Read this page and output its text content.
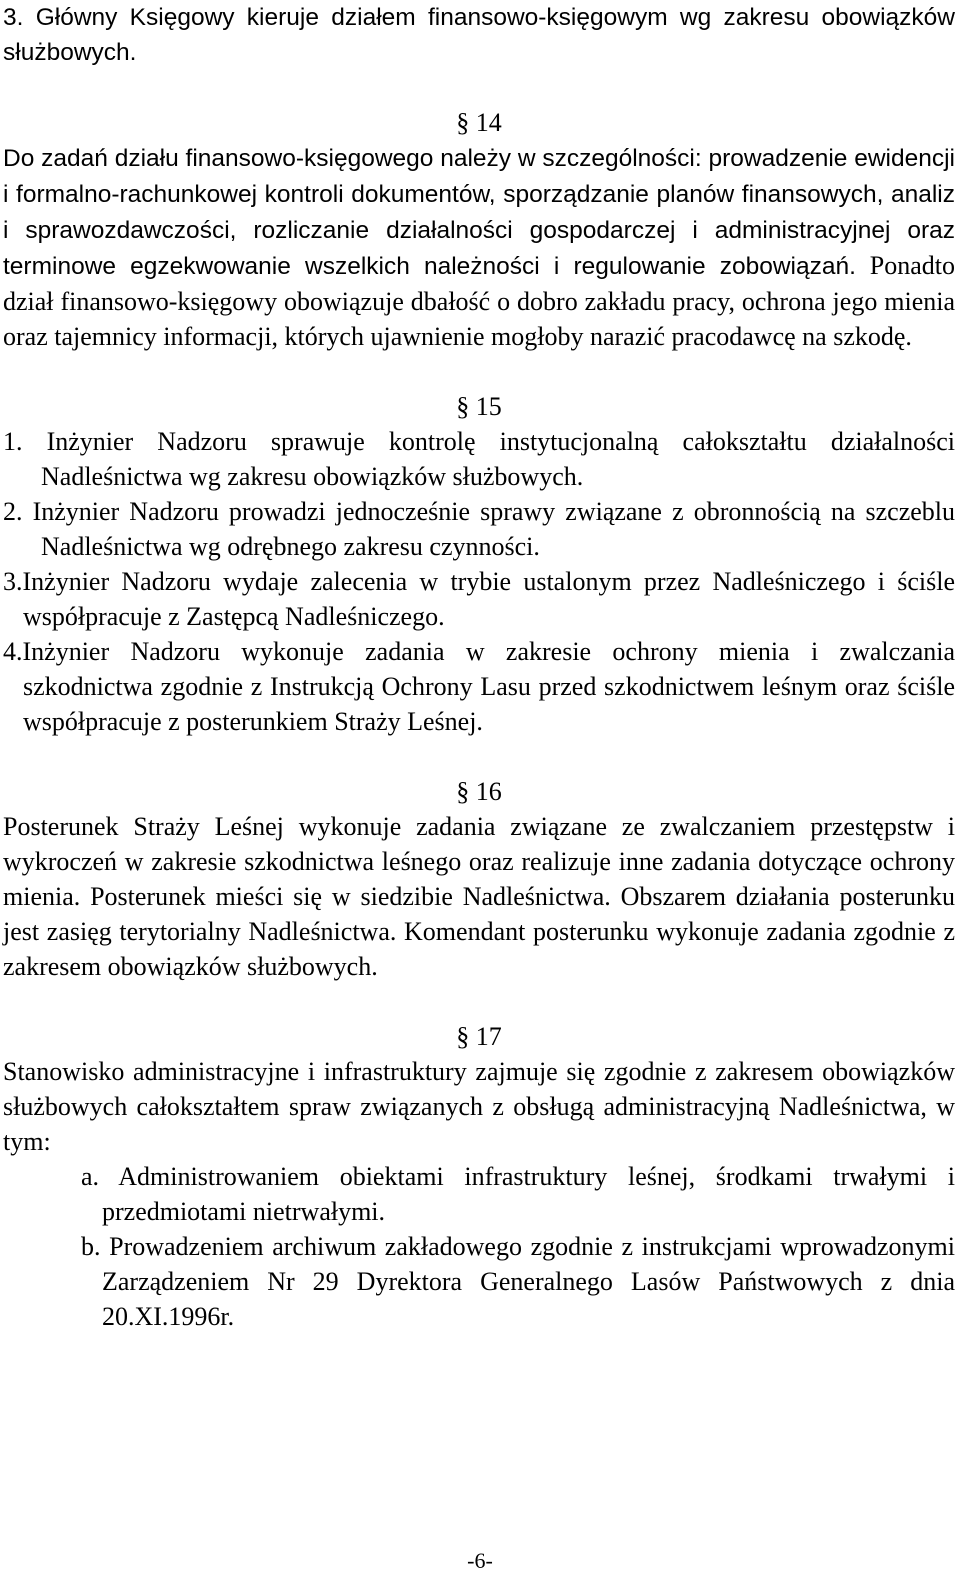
3. Główny Księgowy kieruje działem finansowo-księgowym wg zakresu obowiązków służbowych.

§ 14

Do zadań działu finansowo-księgowego należy w szczególności: prowadzenie ewidencji i formalno-rachunkowej kontroli dokumentów, sporządzanie planów finansowych, analiz i sprawozdawczości, rozliczanie działalności gospodarczej i administracyjnej oraz terminowe egzekwowanie wszelkich należności i regulowanie zobowiązań. Ponadto dział finansowo-księgowy obowiązuje dbałość o dobro zakładu pracy, ochrona jego mienia oraz tajemnicy informacji, których ujawnienie mogłoby narazić pracodawcę na szkodę.

§ 15

1. Inżynier Nadzoru sprawuje kontrolę instytucjonalną całokształtu działalności Nadleśnictwa wg zakresu obowiązków służbowych.

2. Inżynier Nadzoru prowadzi jednocześnie sprawy związane z obronnością na szczeblu Nadleśnictwa wg odrębnego zakresu czynności.

3.Inżynier Nadzoru wydaje zalecenia w trybie ustalonym przez Nadleśniczego i ściśle współpracuje z Zastępcą Nadleśniczego.

4.Inżynier Nadzoru wykonuje zadania w zakresie ochrony mienia i zwalczania szkodnictwa zgodnie z Instrukcją Ochrony Lasu przed szkodnictwem leśnym oraz ściśle współpracuje z posterunkiem Straży Leśnej.

§ 16

Posterunek Straży Leśnej wykonuje zadania związane ze zwalczaniem przestępstw i wykroczeń w zakresie szkodnictwa leśnego oraz realizuje inne zadania dotyczące ochrony mienia. Posterunek mieści się w siedzibie Nadleśnictwa. Obszarem działania posterunku jest zasięg terytorialny Nadleśnictwa. Komendant posterunku wykonuje zadania zgodnie z zakresem obowiązków służbowych.

§ 17

Stanowisko administracyjne i infrastruktury zajmuje się zgodnie z zakresem obowiązków służbowych całokształtem spraw związanych z obsługą administracyjną Nadleśnictwa, w tym:

a. Administrowaniem obiektami infrastruktury leśnej, środkami trwałymi i przedmiotami nietrwałymi.

b. Prowadzeniem archiwum zakładowego zgodnie z instrukcjami wprowadzonymi Zarządzeniem Nr 29 Dyrektora Generalnego Lasów Państwowych z dnia 20.XI.1996r.

-6-
